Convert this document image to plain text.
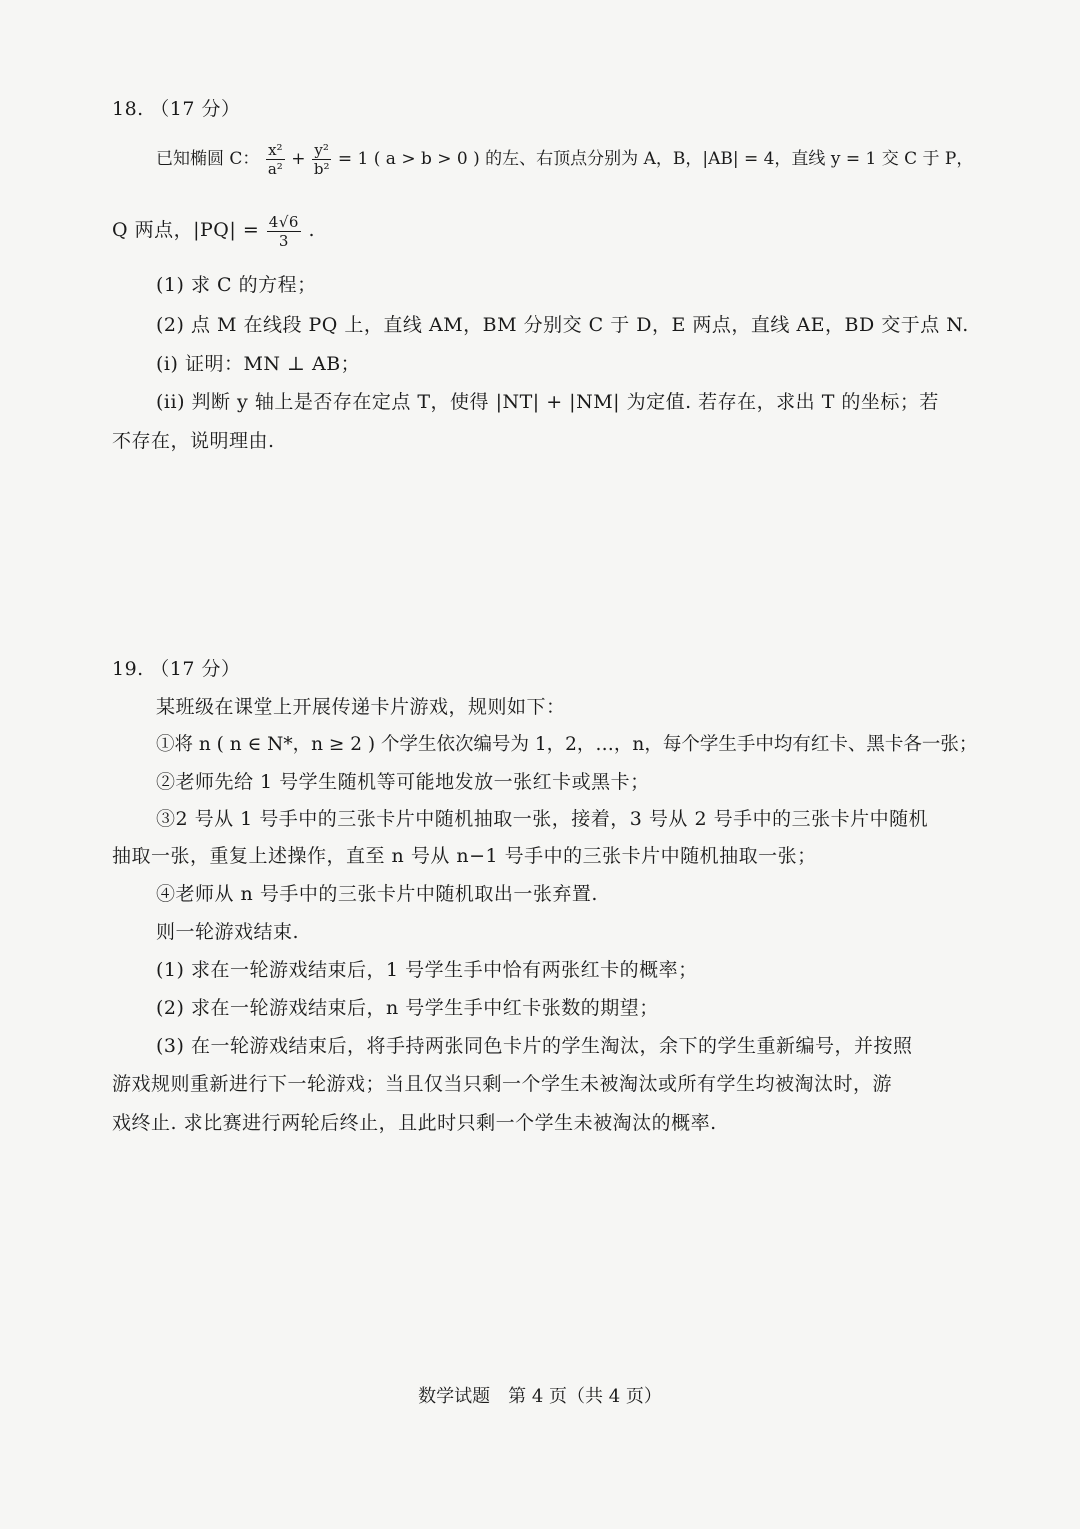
18. （17 分）
已知椭圆 C： $\frac{\text{x²}}{\text{a²}} + \frac{\text{y²}}{\text{b²}} = 1$ ( a > b > 0 ) 的左、右顶点分别为 A，B，|AB| = 4，直线 y = 1 交 C 于 P，
Q 两点，$|PQ| = \frac{4√6}{3}$ .
(1) 求 C 的方程；
(2) 点 M 在线段 PQ 上，直线 AM，BM 分别交 C 于 D，E 两点，直线 AE，BD 交于点 N.
(i) 证明：MN ⊥ AB；
(ii) 判断 y 轴上是否存在定点 T，使得 |NT| + |NM| 为定值. 若存在，求出 T 的坐标；若
不存在，说明理由.
19. （17 分）
某班级在课堂上开展传递卡片游戏，规则如下：
①将 n ( n ∈ N*，n ≥ 2 ) 个学生依次编号为 1，2，…，n，每个学生手中均有红卡、黑卡各一张；
②老师先给 1 号学生随机等可能地发放一张红卡或黑卡；
③2 号从 1 号手中的三张卡片中随机抽取一张，接着，3 号从 2 号手中的三张卡片中随机
抽取一张，重复上述操作，直至 n 号从 n−1 号手中的三张卡片中随机抽取一张；
④老师从 n 号手中的三张卡片中随机取出一张弃置.
则一轮游戏结束.
(1) 求在一轮游戏结束后，1 号学生手中恰有两张红卡的概率；
(2) 求在一轮游戏结束后，n 号学生手中红卡张数的期望；
(3) 在一轮游戏结束后，将手持两张同色卡片的学生淘汰，余下的学生重新编号，并按照
游戏规则重新进行下一轮游戏；当且仅当只剩一个学生未被淘汰或所有学生均被淘汰时，游
戏终止. 求比赛进行两轮后终止，且此时只剩一个学生未被淘汰的概率.
数学试题　第 4 页（共 4 页）
